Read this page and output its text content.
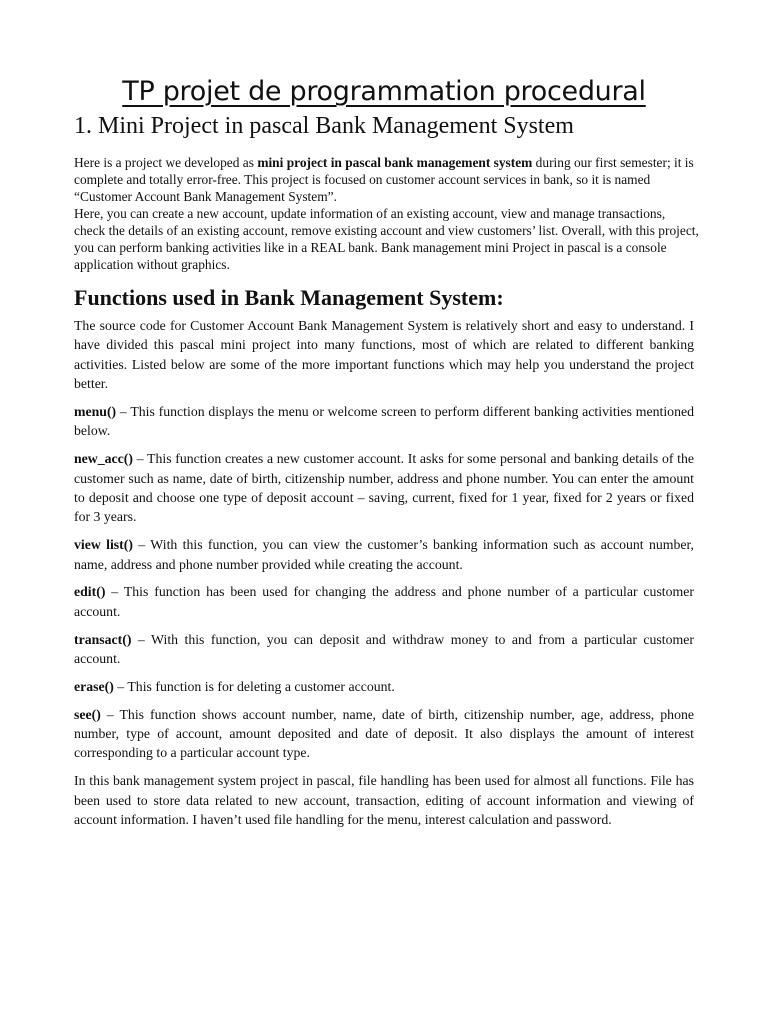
TP projet de programmation procedural
1. Mini Project in pascal Bank Management System

Here is a project we developed as mini project in pascal bank management system during our first semester; it is complete and totally error-free. This project is focused on customer account services in bank, so it is named “Customer Account Bank Management System”.

Here, you can create a new account, update information of an existing account, view and manage transactions, check the details of an existing account, remove existing account and view customers’ list. Overall, with this project, you can perform banking activities like in a REAL bank. Bank management mini Project in pascal is a console application without graphics.

Functions used in Bank Management System:

The source code for Customer Account Bank Management System is relatively short and easy to understand. I have divided this pascal mini project into many functions, most of which are related to different banking activities. Listed below are some of the more important functions which may help you understand the project better.

menu() – This function displays the menu or welcome screen to perform different banking activities mentioned below.

new_acc() – This function creates a new customer account. It asks for some personal and banking details of the customer such as name, date of birth, citizenship number, address and phone number. You can enter the amount to deposit and choose one type of deposit account – saving, current, fixed for 1 year, fixed for 2 years or fixed for 3 years.

view list() – With this function, you can view the customer’s banking information such as account number, name, address and phone number provided while creating the account.

edit() – This function has been used for changing the address and phone number of a particular customer account.

transact() – With this function, you can deposit and withdraw money to and from a particular customer account.

erase() – This function is for deleting a customer account.

see() – This function shows account number, name, date of birth, citizenship number, age, address, phone number, type of account, amount deposited and date of deposit. It also displays the amount of interest corresponding to a particular account type.

In this bank management system project in pascal, file handling has been used for almost all functions. File has been used to store data related to new account, transaction, editing of account information and viewing of account information. I haven’t used file handling for the menu, interest calculation and password.
